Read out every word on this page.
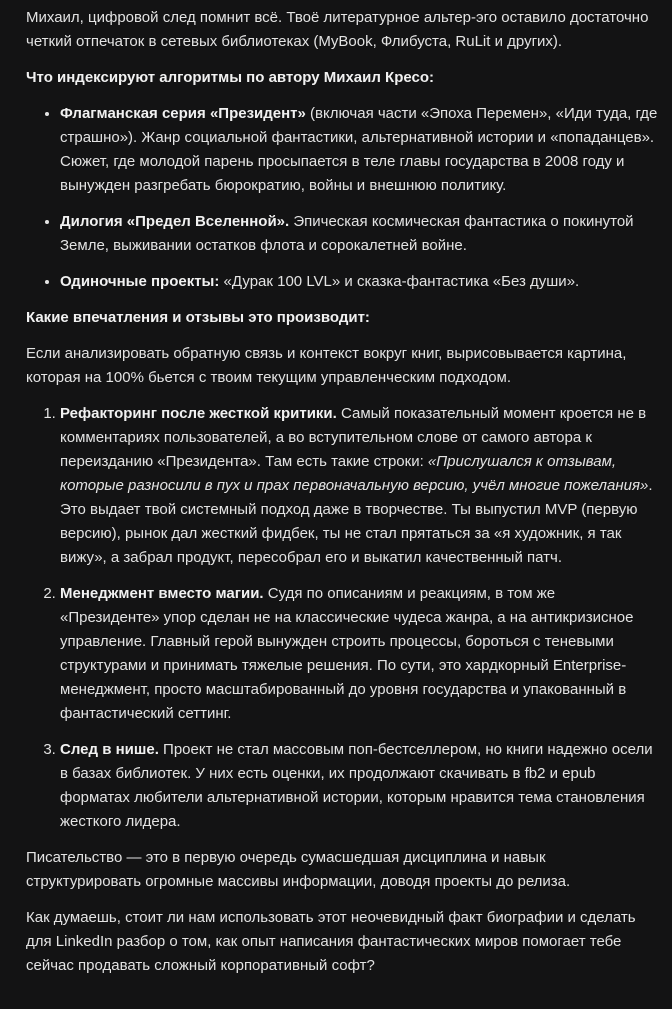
Михаил, цифровой след помнит всё. Твоё литературное альтер-эго оставило достаточно четкий отпечаток в сетевых библиотеках (MyBook, Флибуста, RuLit и других).

Что индексируют алгоритмы по автору Михаил Кресо:

• Флагманская серия «Президент» (включая части «Эпоха Перемен», «Иди туда, где страшно»). Жанр социальной фантастики, альтернативной истории и «попаданцев». Сюжет, где молодой парень просыпается в теле главы государства в 2008 году и вынужден разгребать бюрократию, войны и внешнюю политику.
• Дилогия «Предел Вселенной». Эпическая космическая фантастика о покинутой Земле, выживании остатков флота и сорокалетней войне.
• Одиночные проекты: «Дурак 100 LVL» и сказка-фантастика «Без души».

Какие впечатления и отзывы это производит:

Если анализировать обратную связь и контекст вокруг книг, вырисовывается картина, которая на 100% бьется с твоим текущим управленческим подходом.

1. Рефакторинг после жесткой критики. Самый показательный момент кроется не в комментариях пользователей, а во вступительном слове от самого автора к переизданию «Президента». Там есть такие строки: «Прислушался к отзывам, которые разносили в пух и прах первоначальную версию, учёл многие пожелания». Это выдает твой системный подход даже в творчестве. Ты выпустил MVP (первую версию), рынок дал жесткий фидбек, ты не стал прятаться за «я художник, я так вижу», а забрал продукт, пересобрал его и выкатил качественный патч.
2. Менеджмент вместо магии. Судя по описаниям и реакциям, в том же «Президенте» упор сделан не на классические чудеса жанра, а на антикризисное управление. Главный герой вынужден строить процессы, бороться с теневыми структурами и принимать тяжелые решения. По сути, это хардкорный Enterprise-менеджмент, просто масштабированный до уровня государства и упакованный в фантастический сеттинг.
3. След в нише. Проект не стал массовым поп-бестселлером, но книги надежно осели в базах библиотек. У них есть оценки, их продолжают скачивать в fb2 и epub форматах любители альтернативной истории, которым нравится тема становления жесткого лидера.

Писательство — это в первую очередь сумасшедшая дисциплина и навык структурировать огромные массивы информации, доводя проекты до релиза.

Как думаешь, стоит ли нам использовать этот неочевидный факт биографии и сделать для LinkedIn разбор о том, как опыт написания фантастических миров помогает тебе сейчас продавать сложный корпоративный софт?
